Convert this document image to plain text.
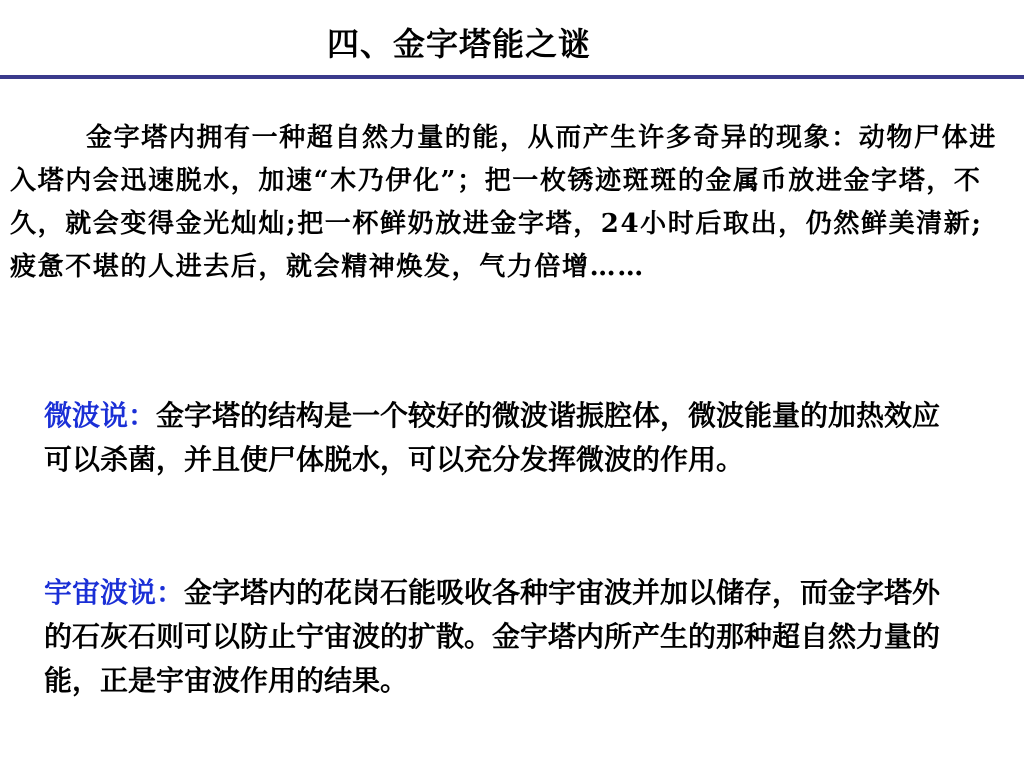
四、金字塔能之谜
金字塔内拥有一种超自然力量的能，从而产生许多奇异的现象：动物尸体进入塔内会迅速脱水，加速“木乃伊化”；把一枚锈迹斑斑的金属币放进金字塔，不久，就会变得金光灿灿;把一杯鲜奶放进金字塔，24小时后取出，仍然鲜美清新;疲惫不堪的人进去后，就会精神焕发，气力倍增……
微波说：金字塔的结构是一个较好的微波谐振腔体，微波能量的加热效应可以杀菌，并且使尸体脱水，可以充分发挥微波的作用。
宇宙波说：金字塔内的花岗石能吸收各种宇宙波并加以储存，而金字塔外的石灰石则可以防止宁宙波的扩散。金宇塔内所产生的那种超自然力量的能，正是宇宙波作用的结果。
